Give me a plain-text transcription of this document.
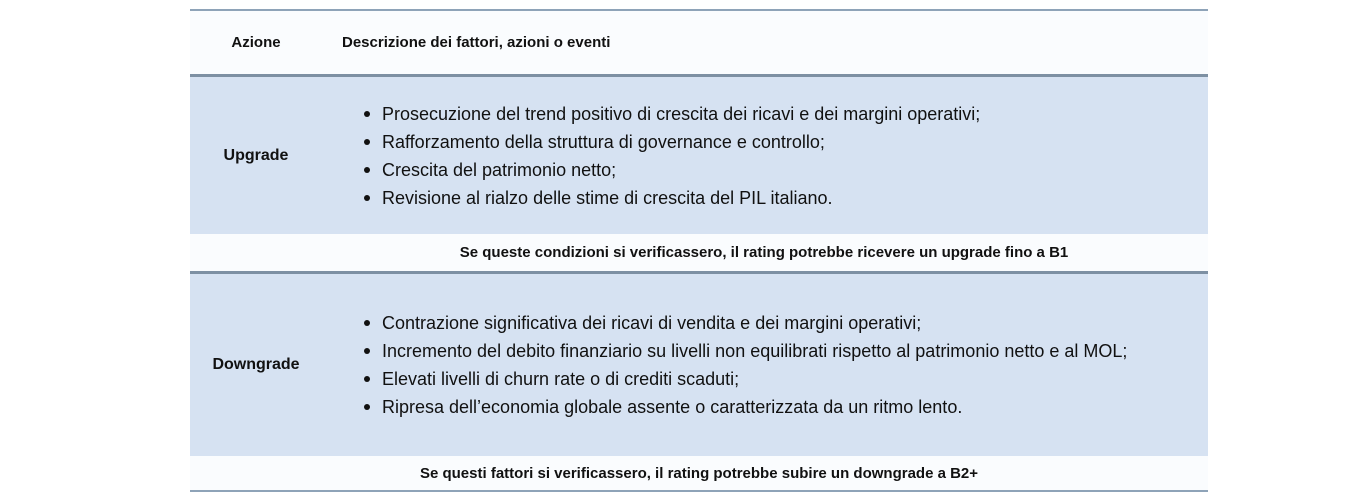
Azione	Descrizione dei fattori, azioni o eventi
Upgrade
Prosecuzione del trend positivo di crescita dei ricavi e dei margini operativi;
Rafforzamento della struttura di governance e controllo;
Crescita del patrimonio netto;
Revisione al rialzo delle stime di crescita del PIL italiano.
Se queste condizioni si verificassero, il rating potrebbe ricevere un upgrade fino a B1
Downgrade
Contrazione significativa dei ricavi di vendita e dei margini operativi;
Incremento del debito finanziario su livelli non equilibrati rispetto al patrimonio netto e al MOL;
Elevati livelli di churn rate o di crediti scaduti;
Ripresa dell’economia globale assente o caratterizzata da un ritmo lento.
Se questi fattori si verificassero, il rating potrebbe subire un downgrade a B2+
